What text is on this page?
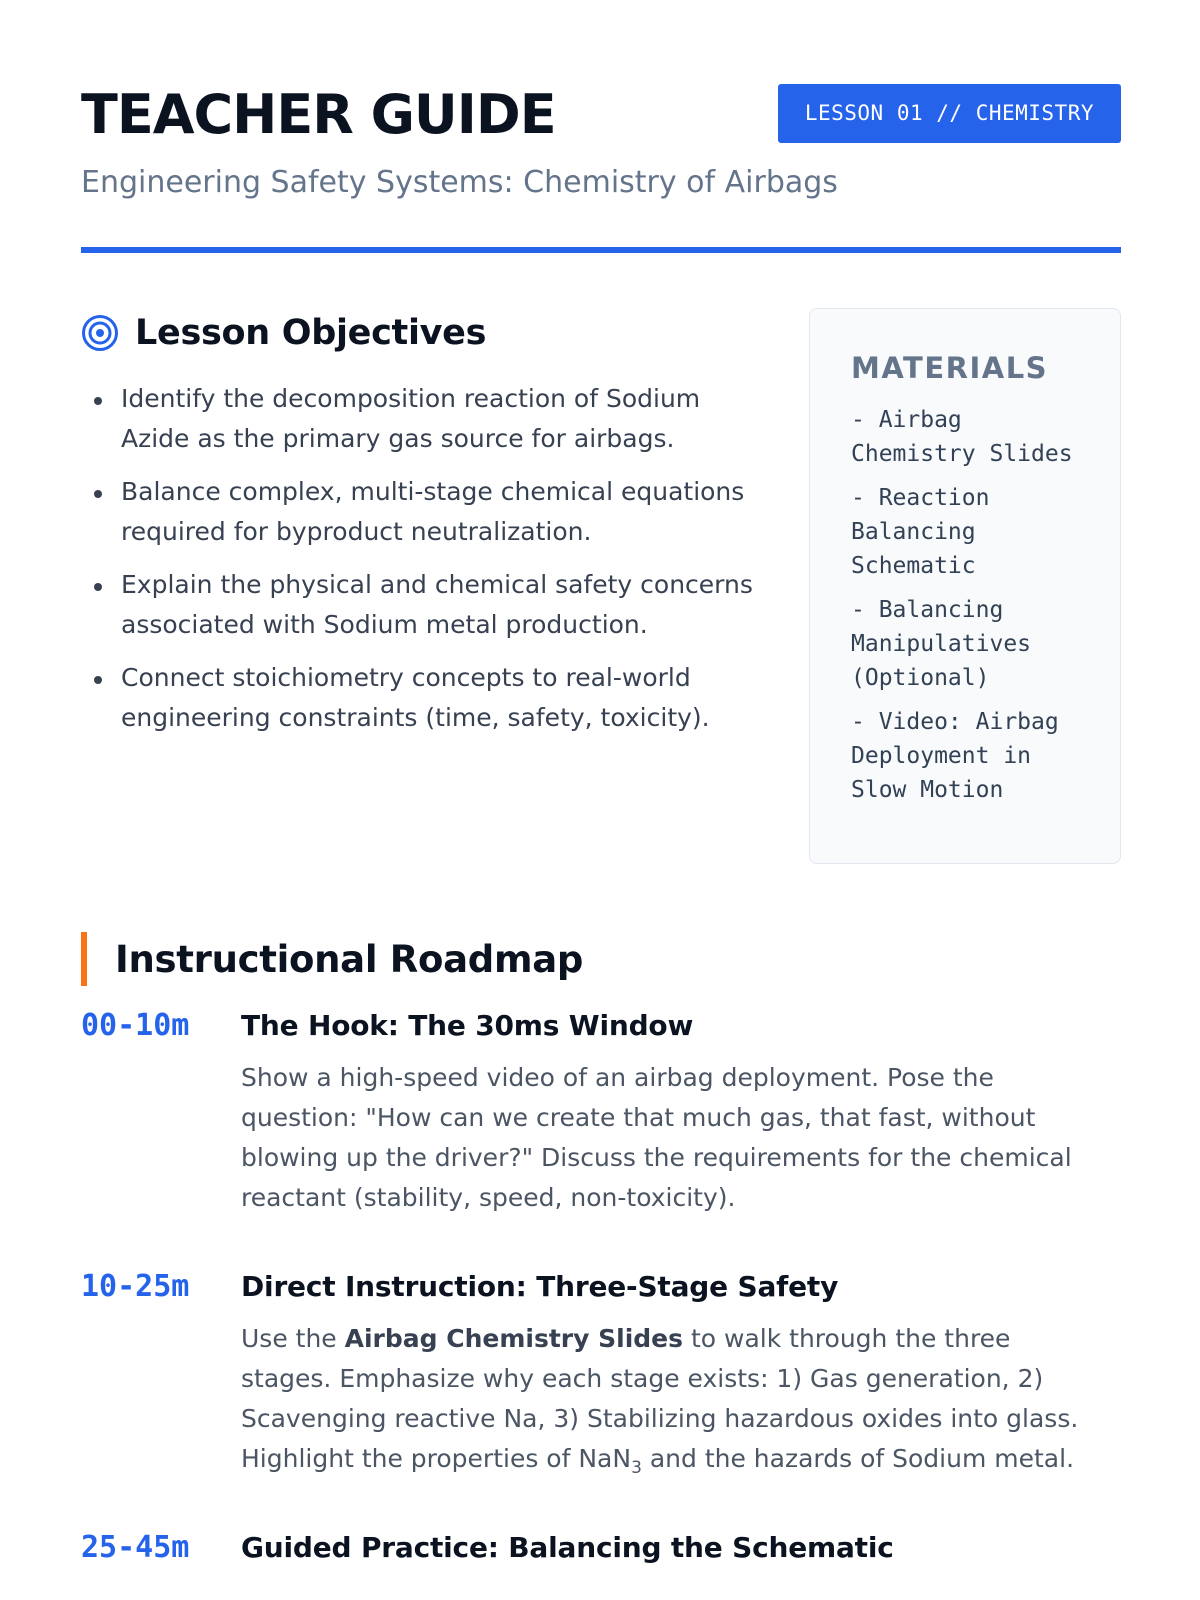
TEACHER GUIDE	LESSON 01 // CHEMISTRY

Engineering Safety Systems: Chemistry of Airbags

Lesson Objectives
Identify the decomposition reaction of Sodium Azide as the primary gas source for airbags.
Balance complex, multi-stage chemical equations required for byproduct neutralization.
Explain the physical and chemical safety concerns associated with Sodium metal production.
Connect stoichiometry concepts to real-world engineering constraints (time, safety, toxicity).
MATERIALS
- Airbag Chemistry Slides
- Reaction Balancing Schematic
- Balancing Manipulatives (Optional)
- Video: Airbag Deployment in Slow Motion
Instructional Roadmap
00-10m The Hook: The 30ms Window

Show a high-speed video of an airbag deployment. Pose the question: "How can we create that much gas, that fast, without blowing up the driver?" Discuss the requirements for the chemical reactant (stability, speed, non-toxicity).

10-25m Direct Instruction: Three-Stage Safety

Use the Airbag Chemistry Slides to walk through the three stages. Emphasize why each stage exists: 1) Gas generation, 2) Scavenging reactive Na, 3) Stabilizing hazardous oxides into glass. Highlight the properties of NaN$_3$ and the hazards of Sodium metal.

25-45m Guided Practice: Balancing the Schematic
